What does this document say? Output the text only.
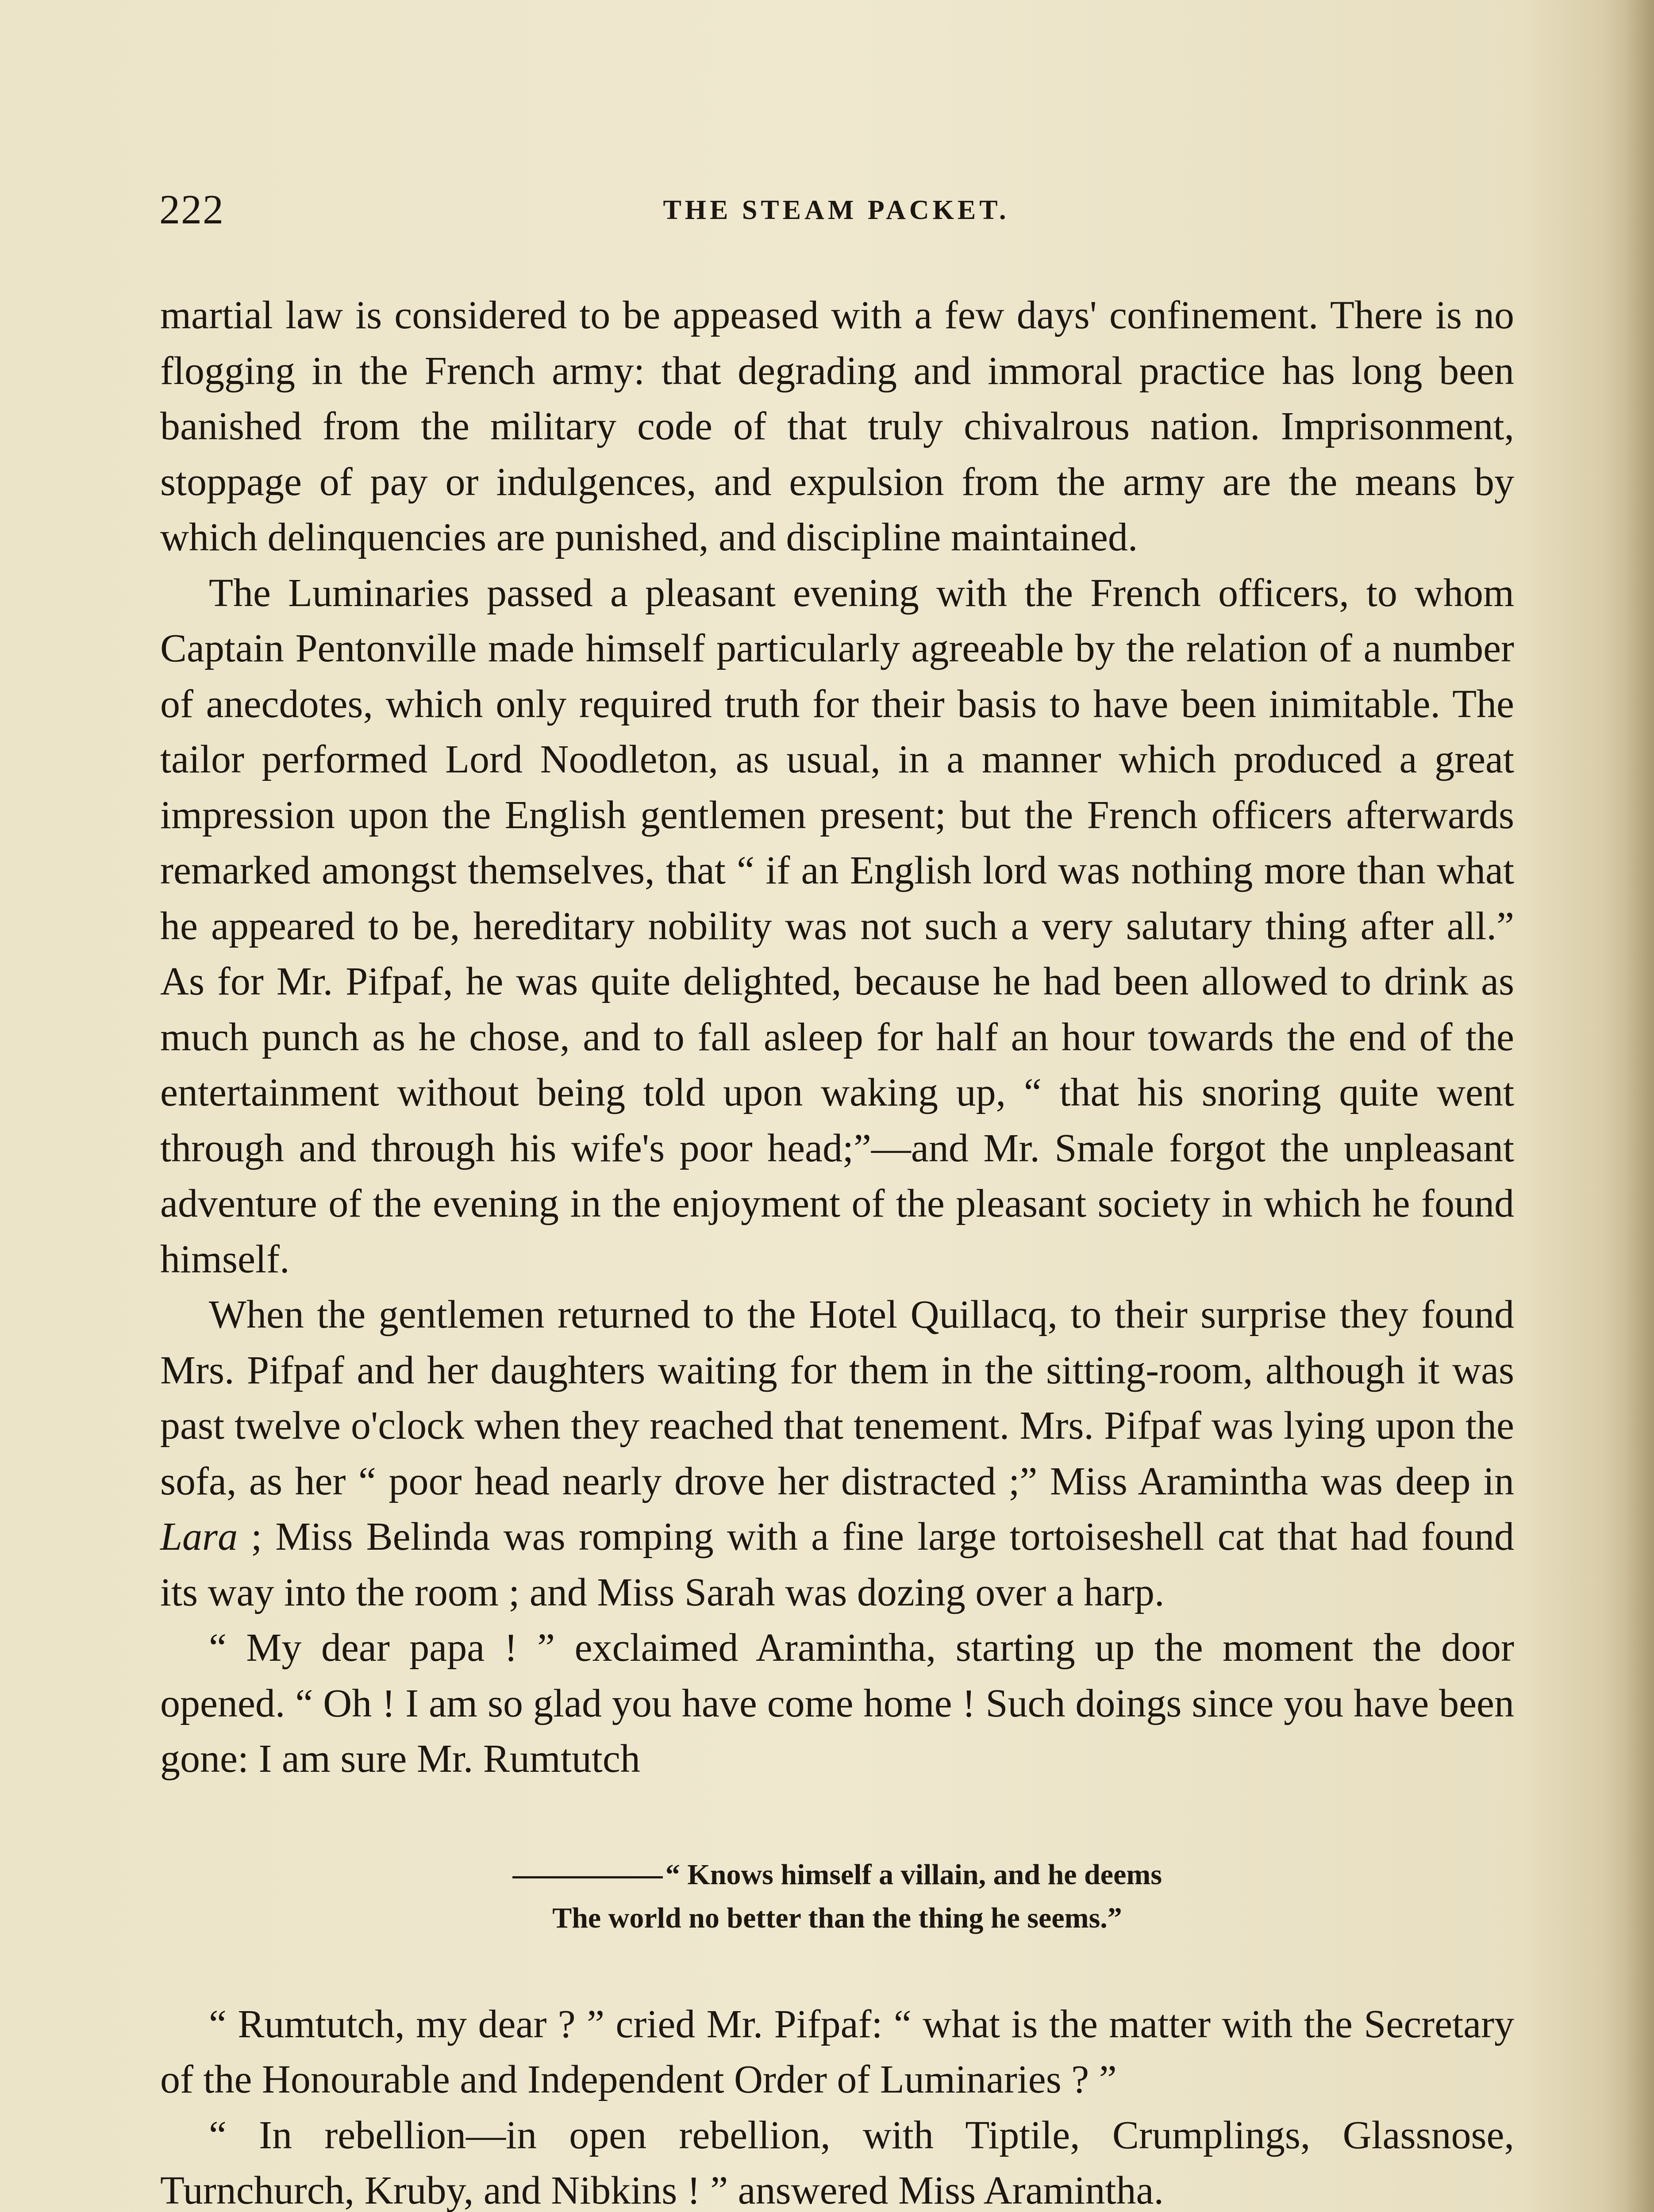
222	THE STEAM PACKET.

martial law is considered to be appeased with a few days' confinement. There is no flogging in the French army: that degrading and immoral practice has long been banished from the military code of that truly chivalrous nation. Imprisonment, stoppage of pay or indulgences, and expulsion from the army are the means by which delinquencies are punished, and discipline maintained.

The Luminaries passed a pleasant evening with the French officers, to whom Captain Pentonville made himself particularly agreeable by the relation of a number of anecdotes, which only required truth for their basis to have been inimitable. The tailor performed Lord Noodleton, as usual, in a manner which produced a great impression upon the English gentlemen present; but the French officers afterwards remarked amongst themselves, that “ if an English lord was nothing more than what he appeared to be, hereditary nobility was not such a very salutary thing after all.” As for Mr. Pifpaf, he was quite delighted, because he had been allowed to drink as much punch as he chose, and to fall asleep for half an hour towards the end of the entertainment without being told upon waking up, “ that his snoring quite went through and through his wife's poor head;”—and Mr. Smale forgot the unpleasant adventure of the evening in the enjoyment of the pleasant society in which he found himself.

When the gentlemen returned to the Hotel Quillacq, to their surprise they found Mrs. Pifpaf and her daughters waiting for them in the sitting-room, although it was past twelve o'clock when they reached that tenement. Mrs. Pifpaf was lying upon the sofa, as her “ poor head nearly drove her distracted ;” Miss Aramintha was deep in Lara ; Miss Belinda was romping with a fine large tortoiseshell cat that had found its way into the room ; and Miss Sarah was dozing over a harp.

“ My dear papa ! ” exclaimed Aramintha, starting up the moment the door opened. “ Oh ! I am so glad you have come home ! Such doings since you have been gone: I am sure Mr. Rumtutch

“ Knows himself a villain, and he deems
The world no better than the thing he seems.”

“ Rumtutch, my dear ? ” cried Mr. Pifpaf: “ what is the matter with the Secretary of the Honourable and Independent Order of Luminaries ? ”

“ In rebellion—in open rebellion, with Tiptile, Crumplings, Glassnose, Turnchurch, Kruby, and Nibkins ! ” answered Miss Aramintha.
